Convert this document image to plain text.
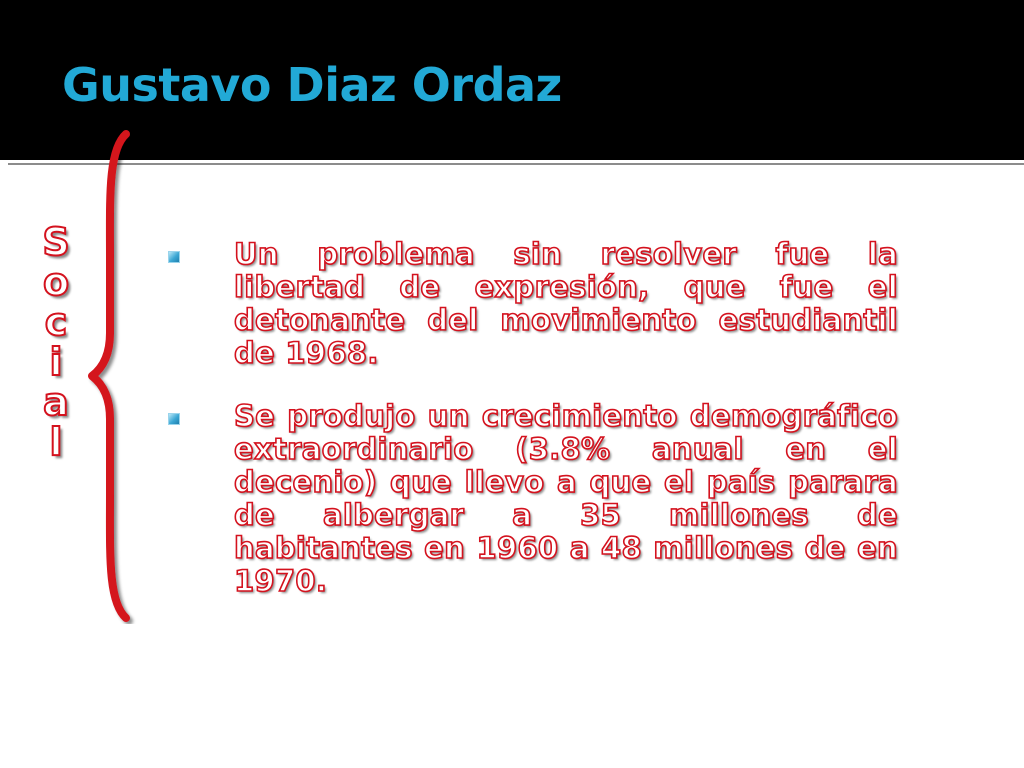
Gustavo Diaz Ordaz
S
o
c
i
a
l
Un problema sin resolver fue la libertad de expresión, que fue el detonante del movimiento estudiantil de 1968.
Se produjo un crecimiento demográfico extraordinario (3.8% anual en el decenio) que llevo a que el país parara de albergar a 35 millones de habitantes en 1960 a 48 millones de en 1970.
